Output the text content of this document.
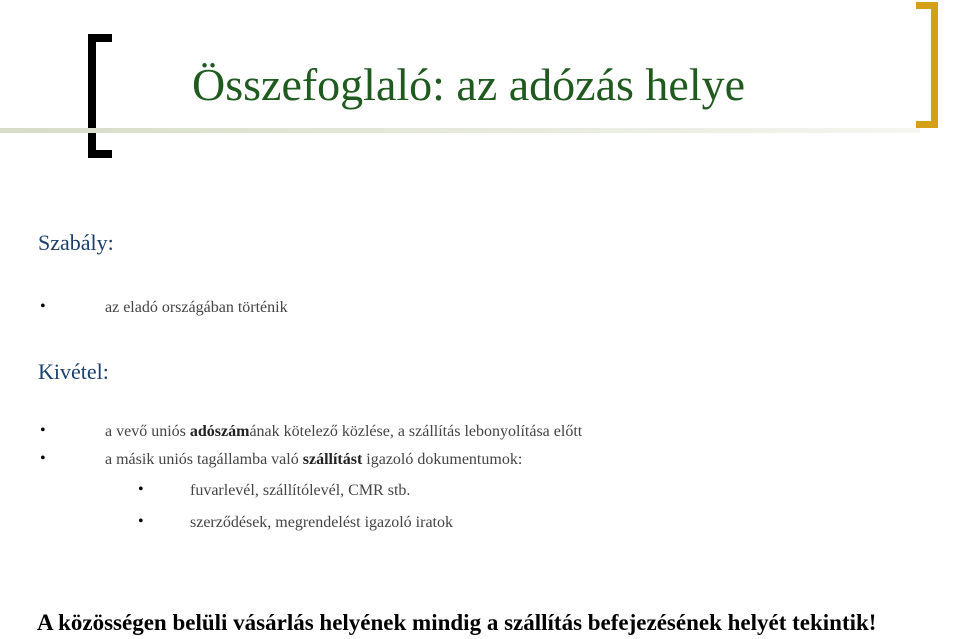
Összefoglaló: az adózás helye
Szabály:
•	az eladó országában történik
Kivétel:
•	a vevő uniós adószámának kötelező közlése, a szállítás lebonyolítása előtt
•	a másik uniós tagállamba való szállítást igazoló dokumentumok:
•	fuvarlevél, szállítólevél, CMR stb.
•	szerződések, megrendelést igazoló iratok
A közösségen belüli vásárlás helyének mindig a szállítás befejezésének helyét tekintik!
